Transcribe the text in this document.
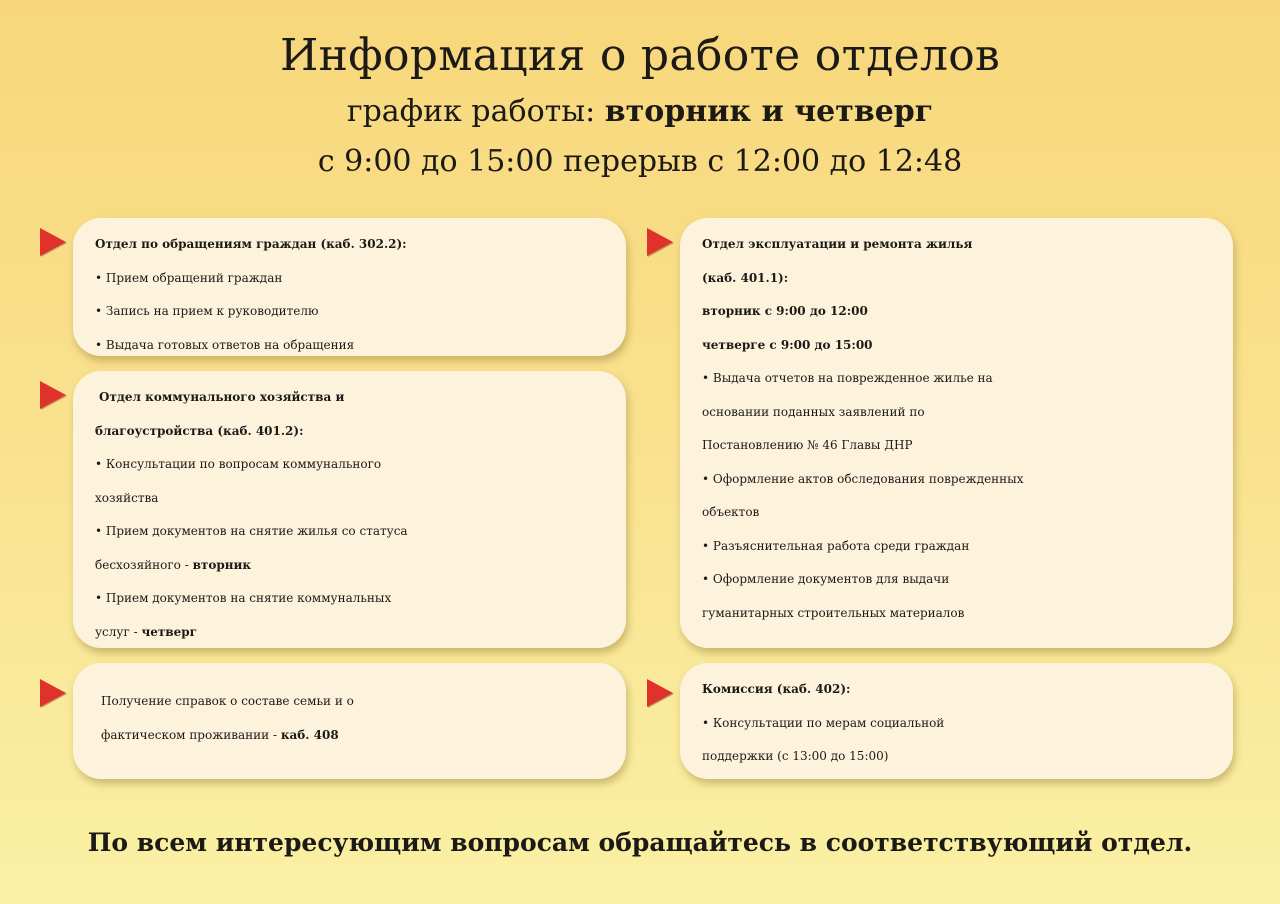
Информация о работе отделов
график работы: вторник и четверг
с 9:00 до 15:00 перерыв с 12:00 до 12:48
Отдел по обращениям граждан (каб. 302.2):
• Прием обращений граждан
• Запись на прием к руководителю
• Выдача готовых ответов на обращения
Отдел коммунального хозяйства и
благоустройства (каб. 401.2):
• Консультации по вопросам коммунального
хозяйства
• Прием документов на снятие жилья со статуса
бесхозяйного - вторник
• Прием документов на снятие коммунальных
услуг - четверг
Получение справок о составе семьи и о
фактическом проживании - каб. 408
Отдел эксплуатации и ремонта жилья
(каб. 401.1):
вторник с 9:00 до 12:00
четверге с 9:00 до 15:00
• Выдача отчетов на поврежденное жилье на
основании поданных заявлений по
Постановлению № 46 Главы ДНР
• Оформление актов обследования поврежденных
объектов
• Разъяснительная работа среди граждан
• Оформление документов для выдачи
гуманитарных строительных материалов
Комиссия (каб. 402):
• Консультации по мерам социальной
поддержки (с 13:00 до 15:00)
По всем интересующим вопросам обращайтесь в соответствующий отдел.
